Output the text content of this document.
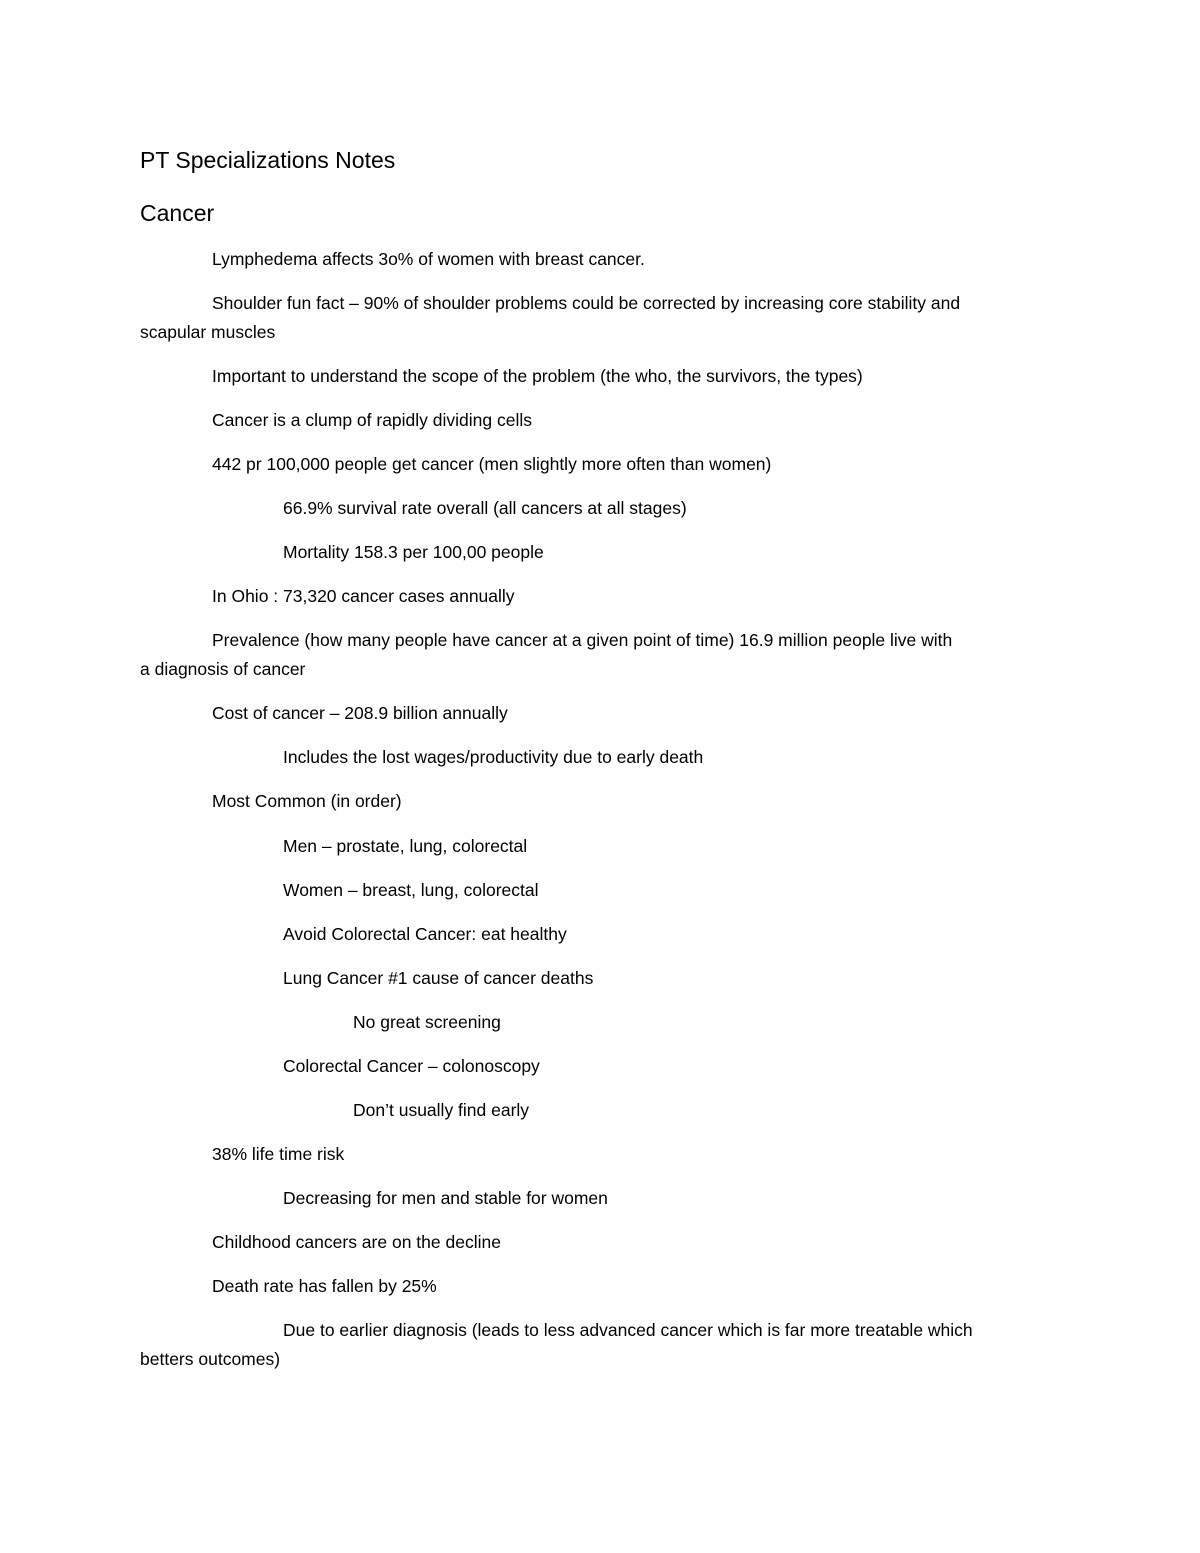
PT Specializations Notes
Cancer
Lymphedema affects 3o% of women with breast cancer.
Shoulder fun fact – 90% of shoulder problems could be corrected by increasing core stability and
scapular muscles
Important to understand the scope of the problem (the who, the survivors, the types)
Cancer is a clump of rapidly dividing cells
442 pr 100,000 people get cancer (men slightly more often than women)
66.9% survival rate overall (all cancers at all stages)
Mortality 158.3 per 100,00 people
In Ohio : 73,320 cancer cases annually
Prevalence (how many people have cancer at a given point of time) 16.9 million people live with
a diagnosis of cancer
Cost of cancer – 208.9 billion annually
Includes the lost wages/productivity due to early death
Most Common (in order)
Men – prostate, lung, colorectal
Women – breast, lung, colorectal
Avoid Colorectal Cancer: eat healthy
Lung Cancer #1 cause of cancer deaths
No great screening
Colorectal Cancer – colonoscopy
Don’t usually find early
38% life time risk
Decreasing for men and stable for women
Childhood cancers are on the decline
Death rate has fallen by 25%
Due to earlier diagnosis (leads to less advanced cancer which is far more treatable which
betters outcomes)
